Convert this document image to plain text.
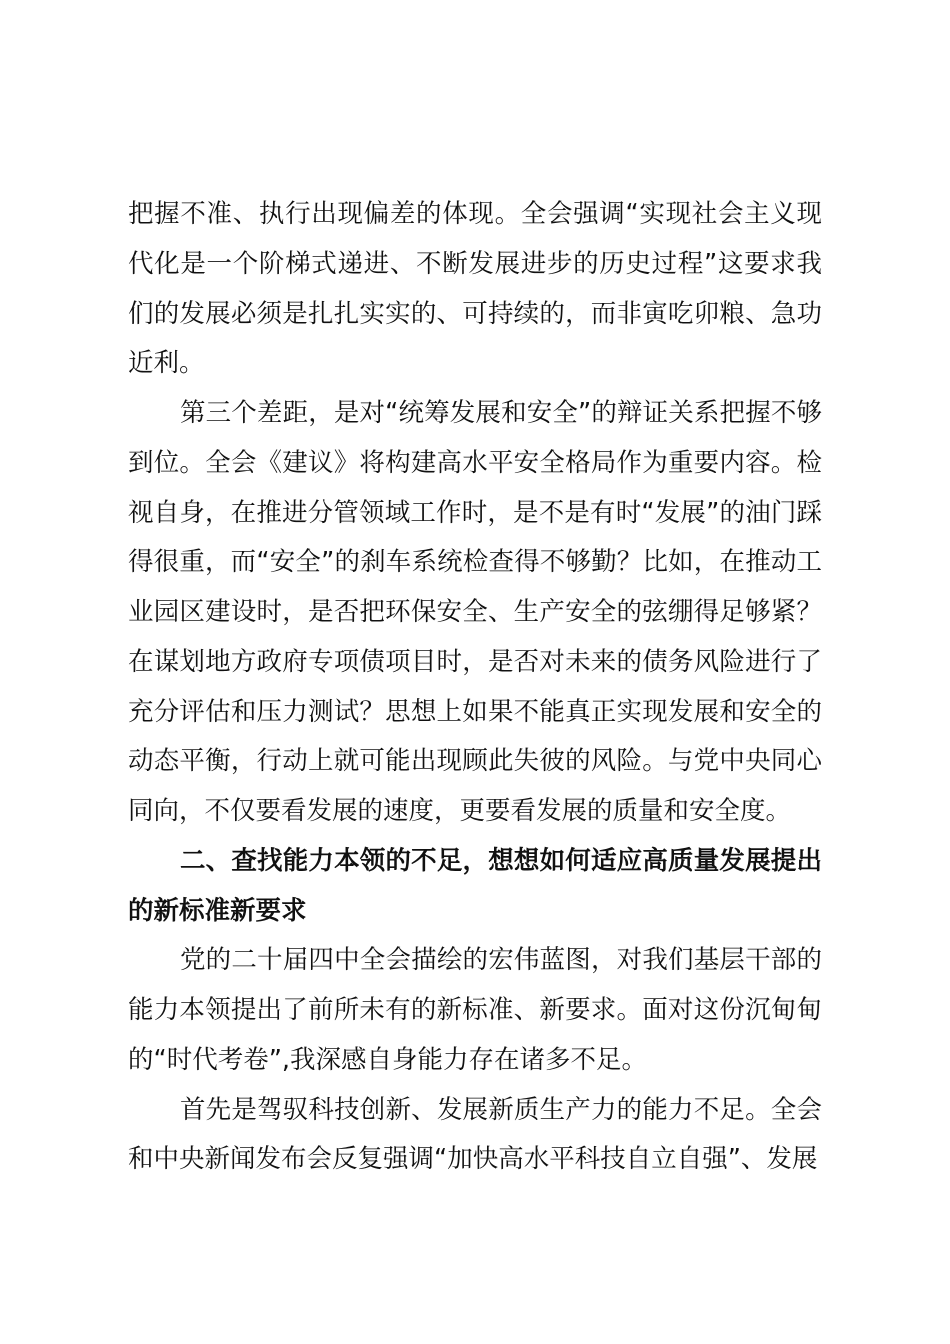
把握不准、执行出现偏差的体现。全会强调“实现社会主义现
代化是一个阶梯式递进、不断发展进步的历史过程”这要求我
们的发展必须是扎扎实实的、可持续的，而非寅吃卯粮、急功
近利。
第三个差距，是对“统筹发展和安全”的辩证关系把握不够
到位。全会《建议》将构建高水平安全格局作为重要内容。检
视自身，在推进分管领域工作时，是不是有时“发展”的油门踩
得很重，而“安全”的刹车系统检查得不够勤？比如，在推动工
业园区建设时，是否把环保安全、生产安全的弦绷得足够紧？
在谋划地方政府专项债项目时，是否对未来的债务风险进行了
充分评估和压力测试？思想上如果不能真正实现发展和安全的
动态平衡，行动上就可能出现顾此失彼的风险。与党中央同心
同向，不仅要看发展的速度，更要看发展的质量和安全度。
二、查找能力本领的不足，想想如何适应高质量发展提出
的新标准新要求
党的二十届四中全会描绘的宏伟蓝图，对我们基层干部的
能力本领提出了前所未有的新标准、新要求。面对这份沉甸甸
的“时代考卷”,我深感自身能力存在诸多不足。
首先是驾驭科技创新、发展新质生产力的能力不足。全会
和中央新闻发布会反复强调“加快高水平科技自立自强”、发展
